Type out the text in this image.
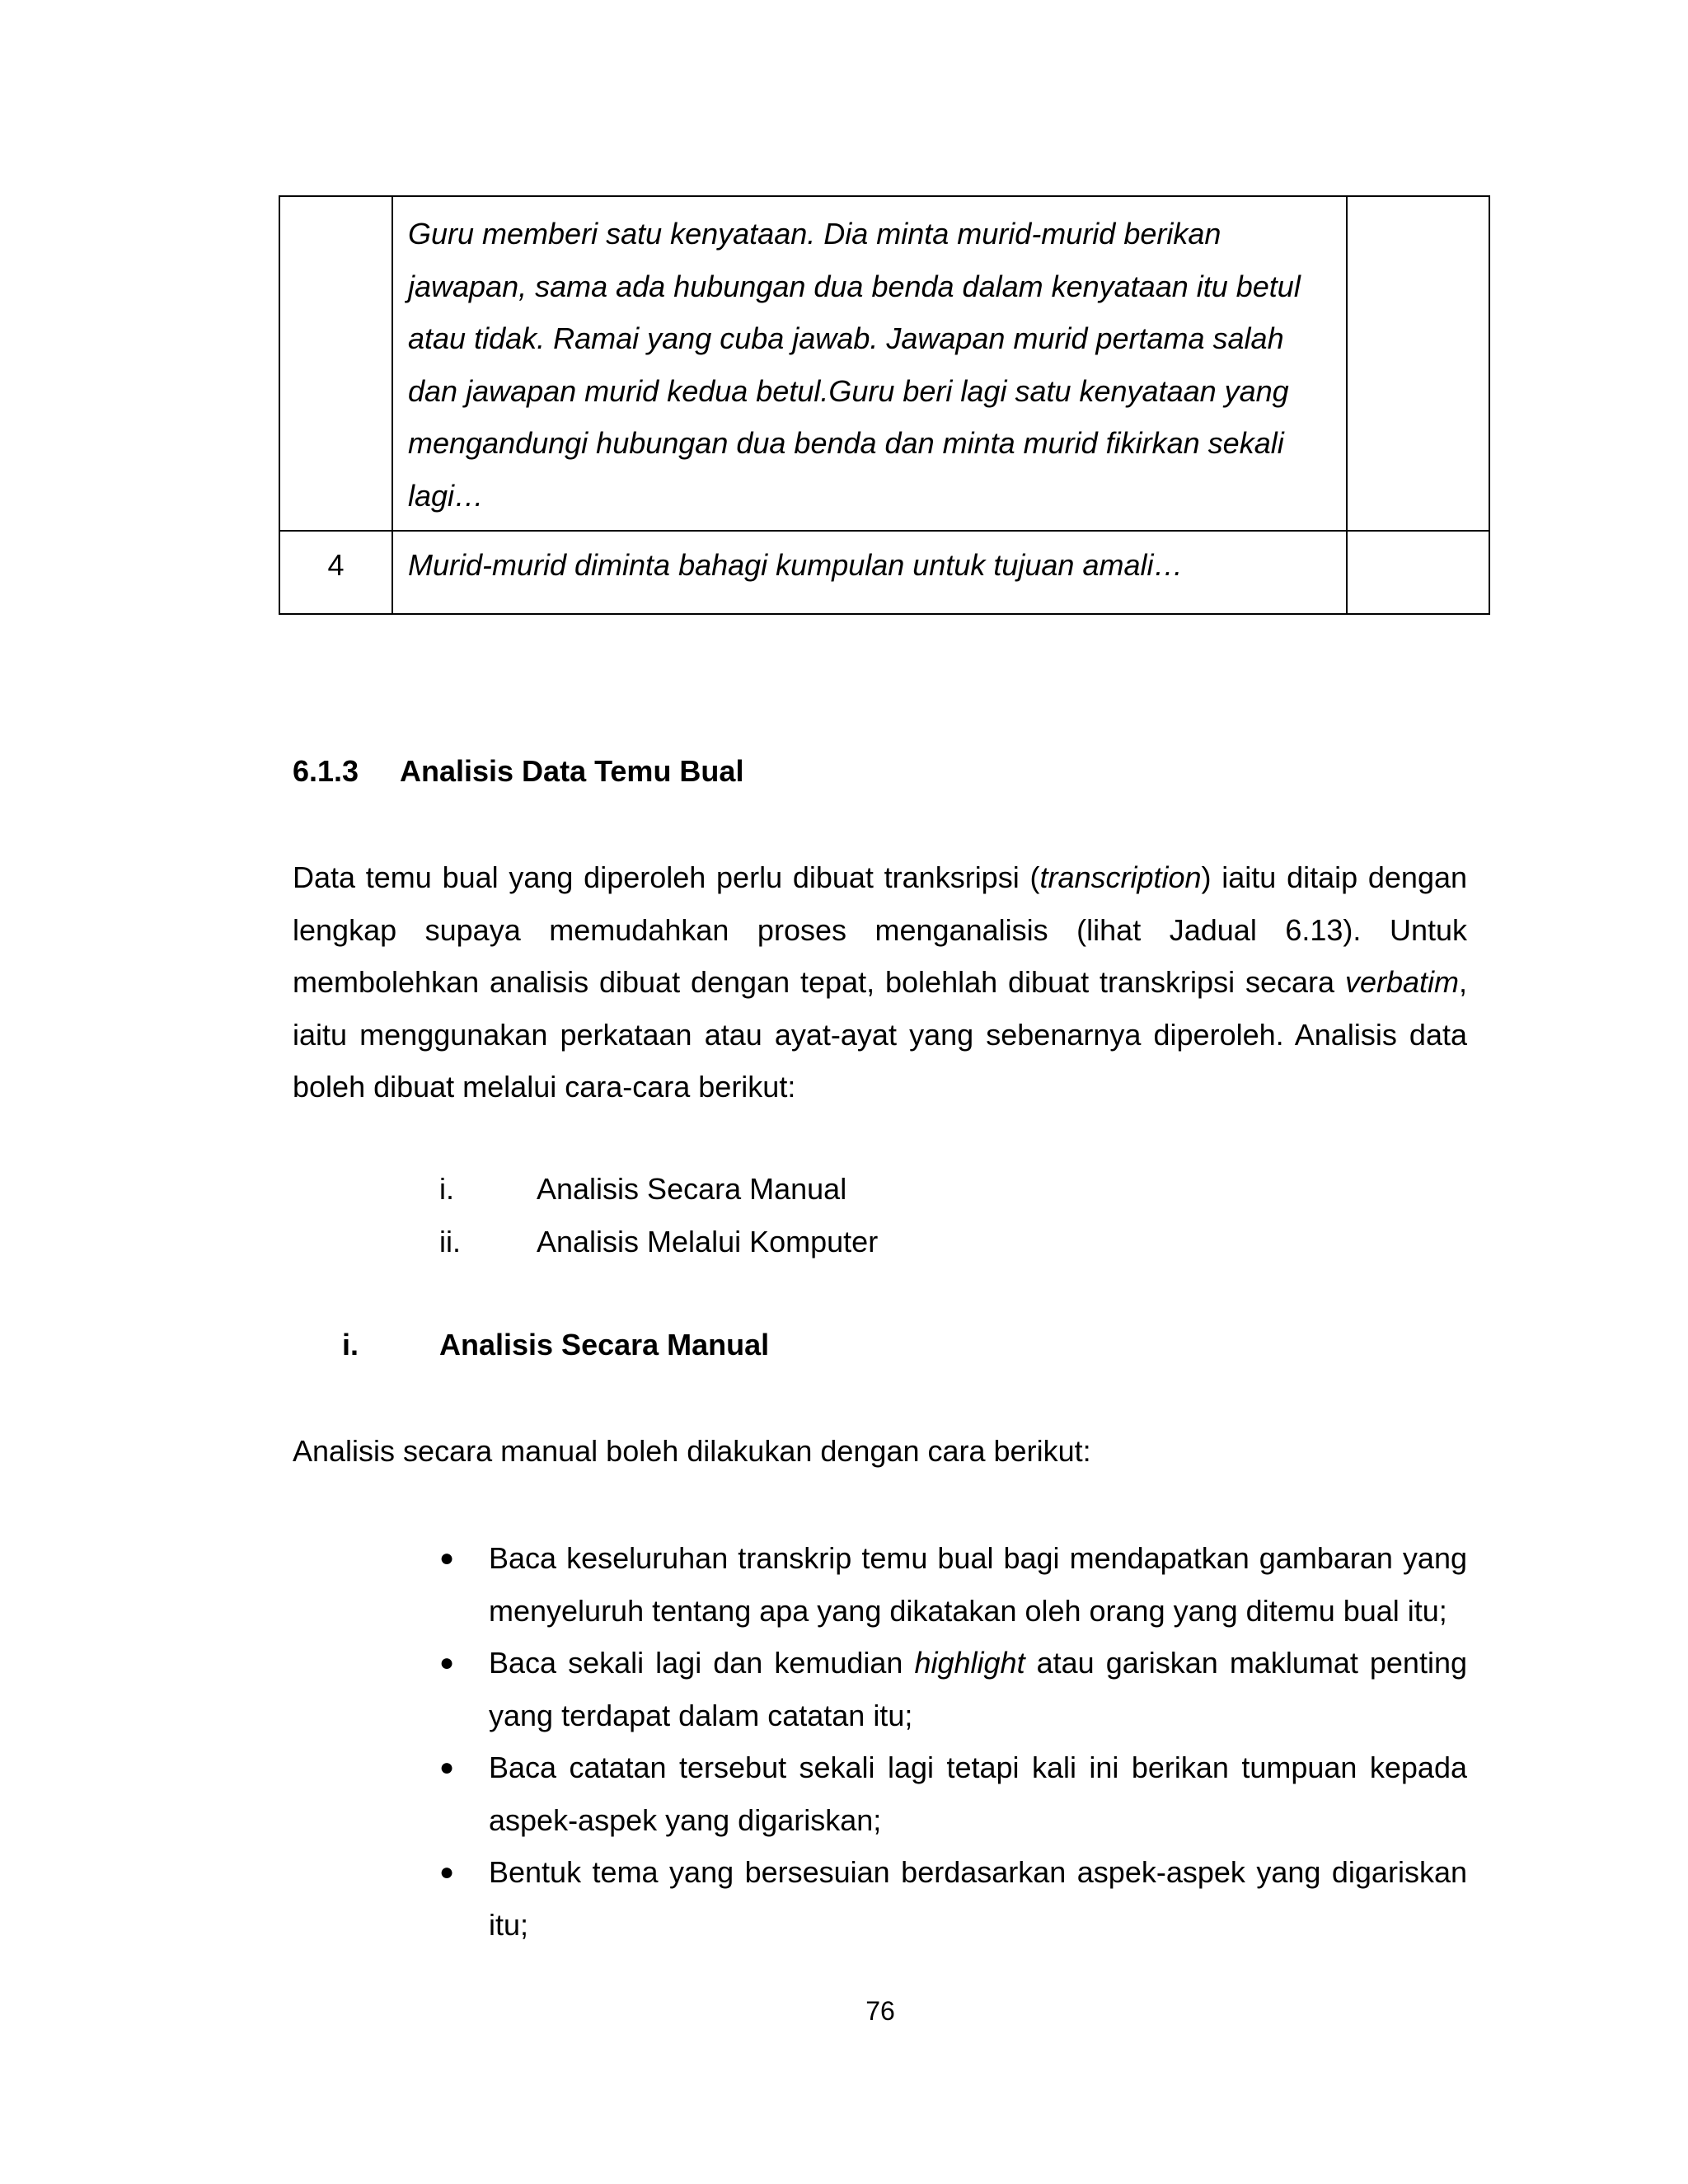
	Guru memberi satu kenyataan. Dia minta murid-murid berikan jawapan, sama ada hubungan dua benda dalam kenyataan itu betul atau tidak. Ramai yang cuba jawab. Jawapan murid pertama salah dan jawapan murid kedua betul.Guru beri lagi satu kenyataan yang mengandungi hubungan dua benda dan minta murid fikirkan sekali lagi…	
4	Murid-murid diminta bahagi kumpulan untuk tujuan amali…	
6.1.3 Analisis Data Temu Bual
Data temu bual yang diperoleh perlu dibuat tranksripsi (transcription) iaitu ditaip dengan lengkap supaya memudahkan proses menganalisis (lihat Jadual 6.13). Untuk membolehkan analisis dibuat dengan tepat, bolehlah dibuat transkripsi secara verbatim, iaitu menggunakan perkataan atau ayat-ayat yang sebenarnya diperoleh. Analisis data boleh dibuat melalui cara-cara berikut:
i.	Analisis Secara Manual
ii.	Analisis Melalui Komputer
i.	Analisis Secara Manual
Analisis secara manual boleh dilakukan dengan cara berikut:
●	Baca keseluruhan transkrip temu bual bagi mendapatkan gambaran yang menyeluruh tentang apa yang dikatakan oleh orang yang ditemu bual itu;
●	Baca sekali lagi dan kemudian highlight atau gariskan maklumat penting yang terdapat dalam catatan itu;
●	Baca catatan tersebut sekali lagi tetapi kali ini berikan tumpuan kepada aspek-aspek yang digariskan;
●	Bentuk tema yang bersesuian berdasarkan aspek-aspek yang digariskan itu;
76
